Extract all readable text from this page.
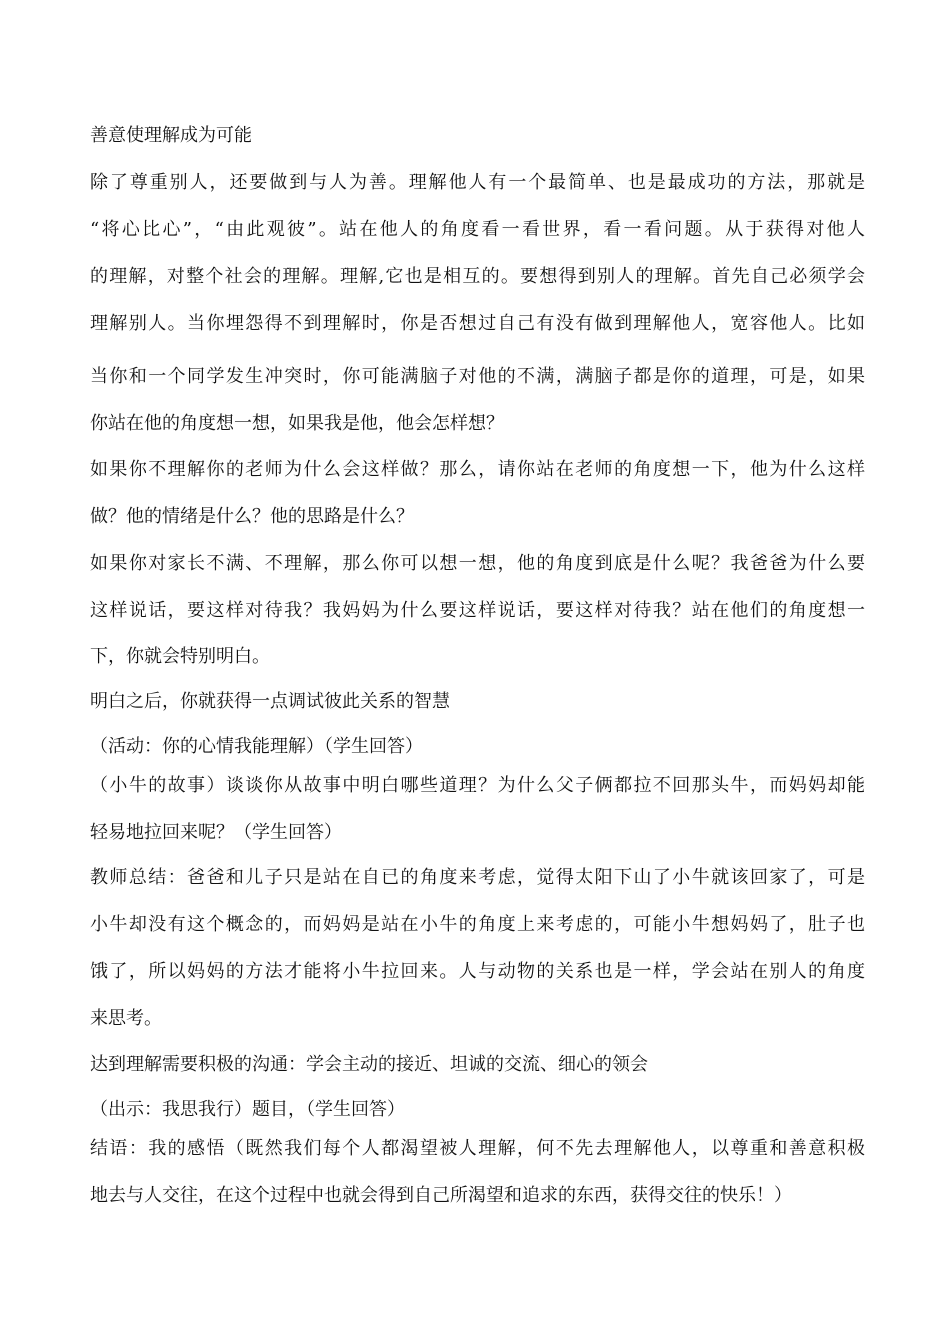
善意使理解成为可能
除了尊重别人，还要做到与人为善。理解他人有一个最简单、也是最成功的方法，那就是
“将心比心”，“由此观彼”。站在他人的角度看一看世界，看一看问题。从于获得对他人
的理解，对整个社会的理解。理解,它也是相互的。要想得到别人的理解。首先自己必须学会
理解别人。当你埋怨得不到理解时，你是否想过自己有没有做到理解他人，宽容他人。比如
当你和一个同学发生冲突时，你可能满脑子对他的不满，满脑子都是你的道理，可是，如果
你站在他的角度想一想，如果我是他，他会怎样想？
如果你不理解你的老师为什么会这样做？那么，请你站在老师的角度想一下，他为什么这样
做？他的情绪是什么？他的思路是什么？
如果你对家长不满、不理解，那么你可以想一想，他的角度到底是什么呢？我爸爸为什么要
这样说话，要这样对待我？我妈妈为什么要这样说话，要这样对待我？站在他们的角度想一
下，你就会特别明白。
明白之后，你就获得一点调试彼此关系的智慧
（活动：你的心情我能理解）（学生回答）
（小牛的故事）谈谈你从故事中明白哪些道理？为什么父子俩都拉不回那头牛，而妈妈却能
轻易地拉回来呢？（学生回答）
教师总结：爸爸和儿子只是站在自已的角度来考虑，觉得太阳下山了小牛就该回家了，可是
小牛却没有这个概念的，而妈妈是站在小牛的角度上来考虑的，可能小牛想妈妈了，肚子也
饿了，所以妈妈的方法才能将小牛拉回来。人与动物的关系也是一样，学会站在别人的角度
来思考。
达到理解需要积极的沟通：学会主动的接近、坦诚的交流、细心的领会
（出示：我思我行）题目，（学生回答）
结语：我的感悟（既然我们每个人都渴望被人理解，何不先去理解他人，以尊重和善意积极
地去与人交往，在这个过程中也就会得到自己所渴望和追求的东西，获得交往的快乐！）
